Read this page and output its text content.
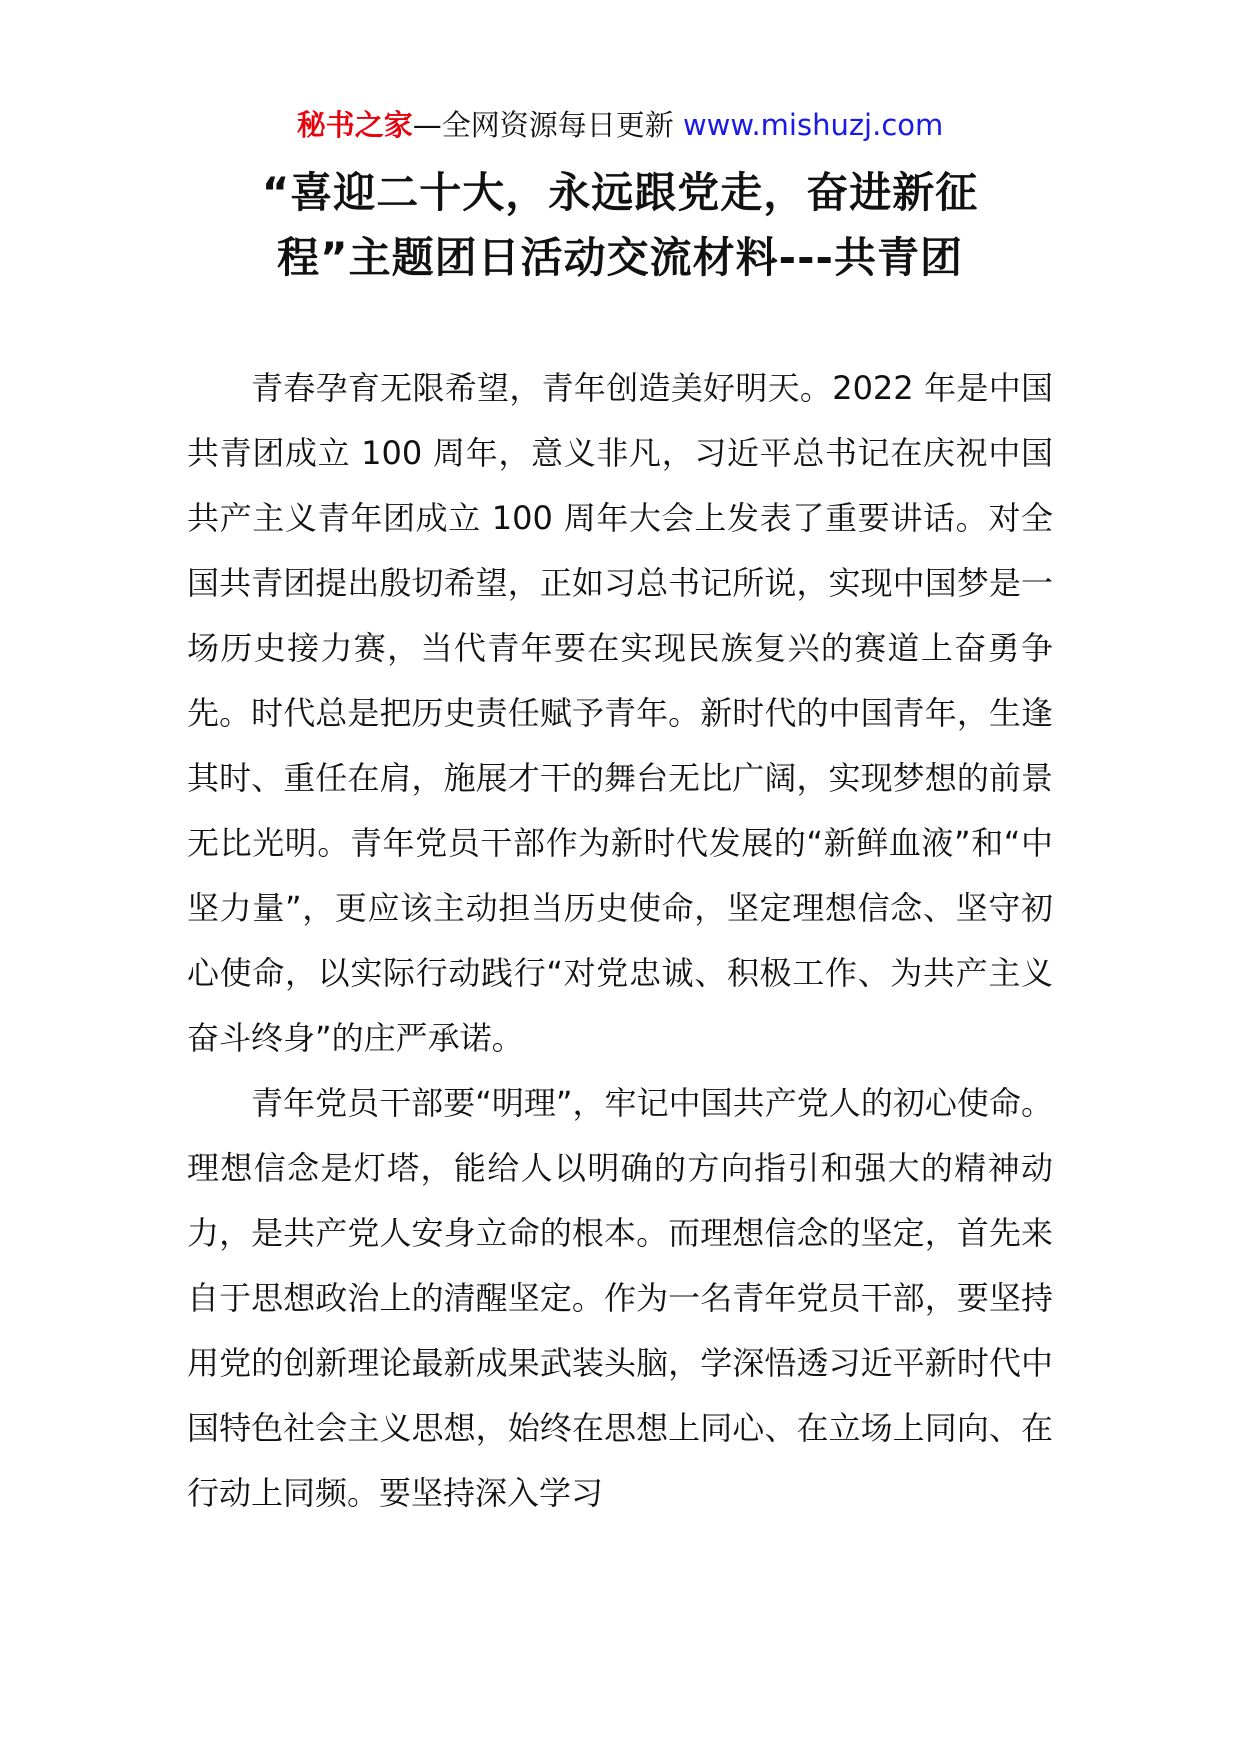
秘书之家—全网资源每日更新 www.mishuzj.com
“喜迎二十大，永远跟党走，奋进新征
程”主题团日活动交流材料---共青团

青春孕育无限希望，青年创造美好明天。2022 年是中国共青团成立 100 周年，意义非凡，习近平总书记在庆祝中国共产主义青年团成立 100 周年大会上发表了重要讲话。对全国共青团提出殷切希望，正如习总书记所说，实现中国梦是一场历史接力赛，当代青年要在实现民族复兴的赛道上奋勇争先。时代总是把历史责任赋予青年。新时代的中国青年，生逢其时、重任在肩，施展才干的舞台无比广阔，实现梦想的前景无比光明。青年党员干部作为新时代发展的“新鲜血液”和“中坚力量”，更应该主动担当历史使命，坚定理想信念、坚守初心使命，以实际行动践行“对党忠诚、积极工作、为共产主义奋斗终身”的庄严承诺。

青年党员干部要“明理”，牢记中国共产党人的初心使命。理想信念是灯塔，能给人以明确的方向指引和强大的精神动力，是共产党人安身立命的根本。而理想信念的坚定，首先来自于思想政治上的清醒坚定。作为一名青年党员干部，要坚持用党的创新理论最新成果武装头脑，学深悟透习近平新时代中国特色社会主义思想，始终在思想上同心、在立场上同向、在行动上同频。要坚持深入学习
